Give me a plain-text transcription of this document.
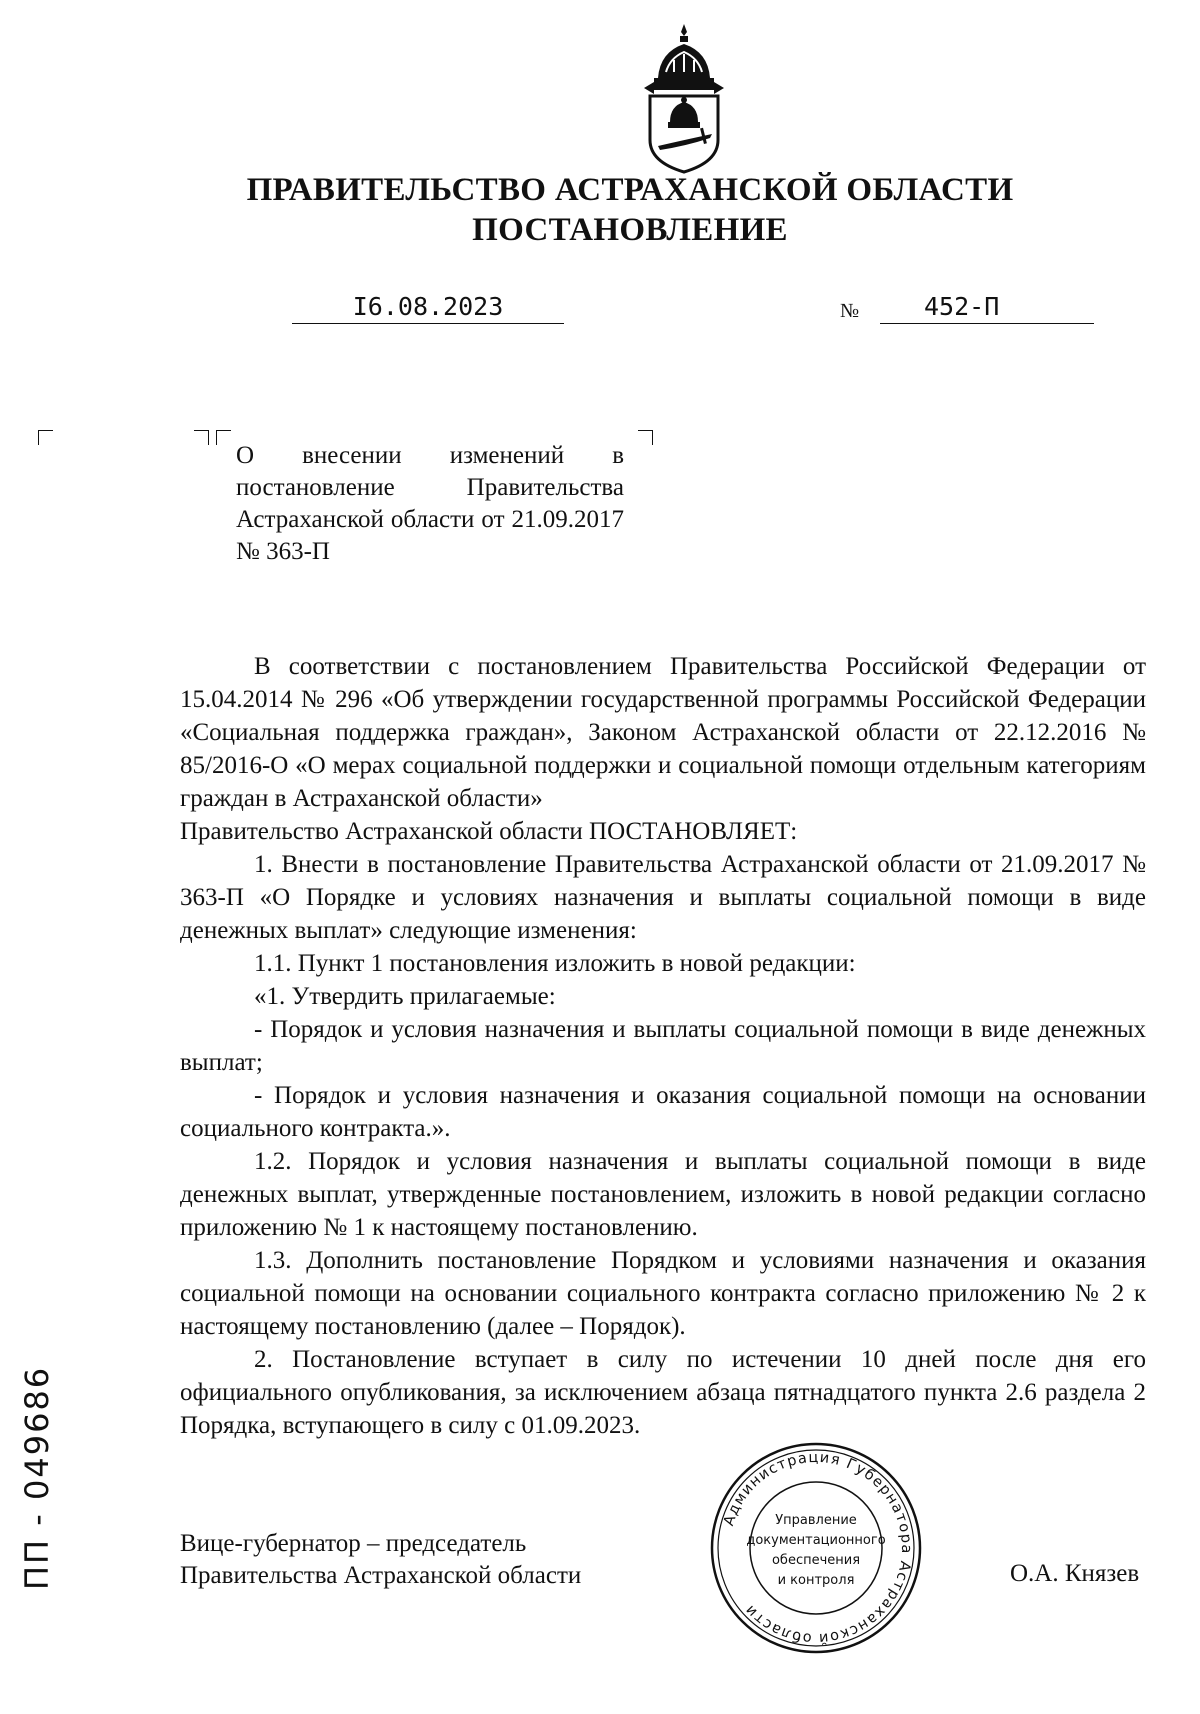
ПРАВИТЕЛЬСТВО АСТРАХАНСКОЙ ОБЛАСТИ
ПОСТАНОВЛЕНИЕ
I6.08.2023	№	452-П
О внесении изменений в постановление Правительства Астраханской области от 21.09.2017 № 363-П

В соответствии с постановлением Правительства Российской Федерации от 15.04.2014 № 296 «Об утверждении государственной программы Российской Федерации «Социальная поддержка граждан», Законом Астраханской области от 22.12.2016 № 85/2016-О «О мерах социальной поддержки и социальной помощи отдельным категориям граждан в Астраханской области»

Правительство Астраханской области ПОСТАНОВЛЯЕТ:

1. Внести в постановление Правительства Астраханской области от 21.09.2017 № 363-П «О Порядке и условиях назначения и выплаты социальной помощи в виде денежных выплат» следующие изменения:

1.1. Пункт 1 постановления изложить в новой редакции:

«1. Утвердить прилагаемые:

- Порядок и условия назначения и выплаты социальной помощи в виде денежных выплат;

- Порядок и условия назначения и оказания социальной помощи на основании социального контракта.».

1.2. Порядок и условия назначения и выплаты социальной помощи в виде денежных выплат, утвержденные постановлением, изложить в новой редакции согласно приложению № 1 к настоящему постановлению.

1.3. Дополнить постановление Порядком и условиями назначения и оказания социальной помощи на основании социального контракта согласно приложению № 2 к настоящему постановлению (далее – Порядок).

2. Постановление вступает в силу по истечении 10 дней после дня его официального опубликования, за исключением абзаца пятнадцатого пункта 2.6 раздела 2 Порядка, вступающего в силу с 01.09.2023.

Вице-губернатор – председатель
Правительства Астраханской области	О.А. Князев
Администрация Губернатора Астраханской области
Управление
документационного
обеспечения
и контроля
ПП - 049686
